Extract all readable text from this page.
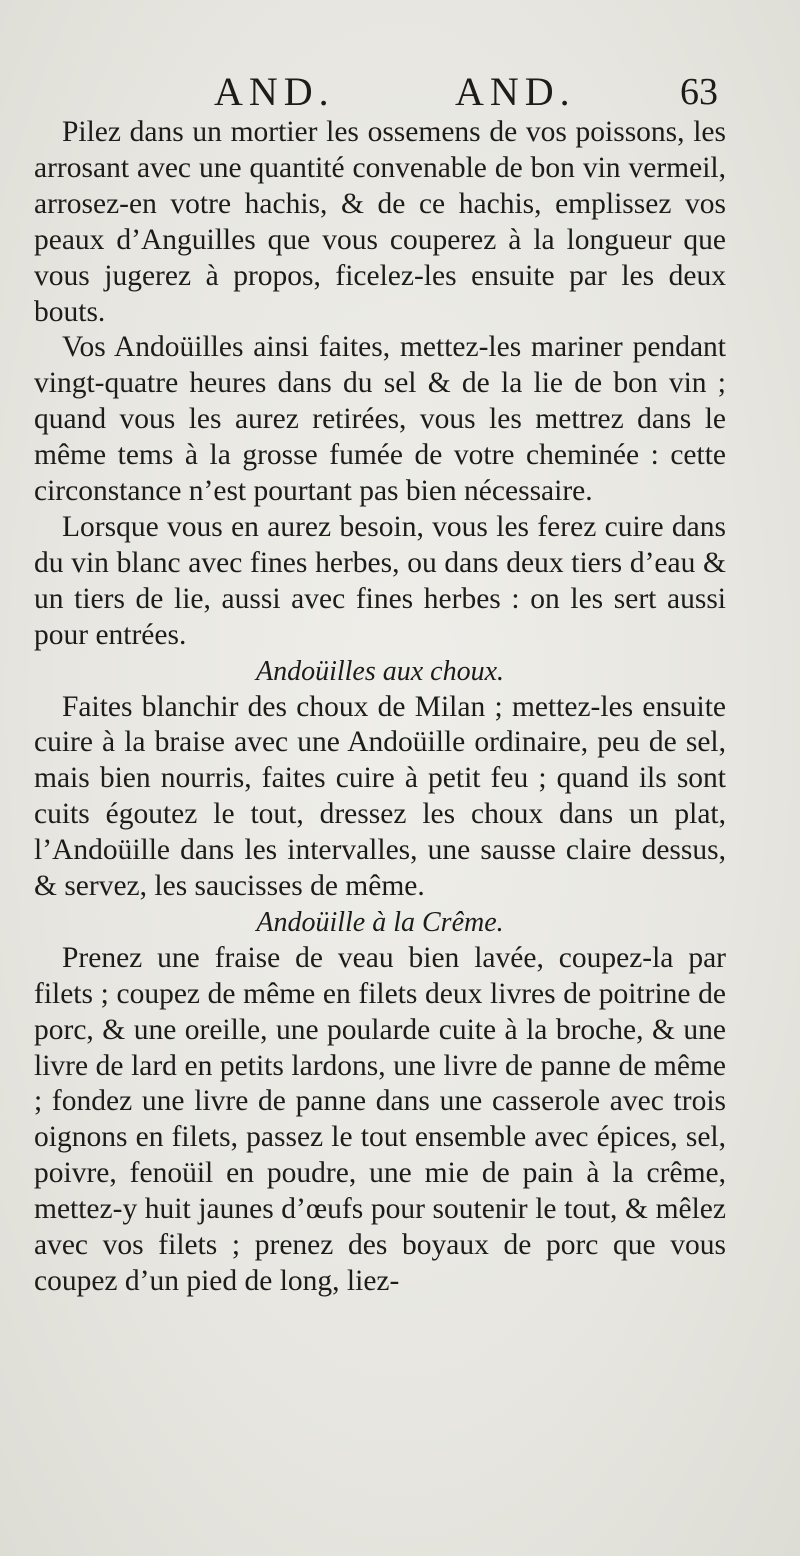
AND.	AND.	63

Pilez dans un mortier les ossemens de vos poissons, les arrosant avec une quantité convenable de bon vin vermeil, arrosez-en votre hachis, & de ce hachis, emplissez vos peaux d’Anguilles que vous couperez à la longueur que vous jugerez à propos, ficelez-les ensuite par les deux bouts.

Vos Andoüilles ainsi faites, mettez-les mariner pendant vingt-quatre heures dans du sel & de la lie de bon vin ; quand vous les aurez retirées, vous les mettrez dans le même tems à la grosse fumée de votre cheminée : cette circonstance n’est pourtant pas bien nécessaire.

Lorsque vous en aurez besoin, vous les ferez cuire dans du vin blanc avec fines herbes, ou dans deux tiers d’eau & un tiers de lie, aussi avec fines herbes : on les sert aussi pour entrées.

Andoüilles aux choux.

Faites blanchir des choux de Milan ; mettez-les ensuite cuire à la braise avec une Andoüille ordinaire, peu de sel, mais bien nourris, faites cuire à petit feu ; quand ils sont cuits égoutez le tout, dressez les choux dans un plat, l’Andoüille dans les intervalles, une sausse claire dessus, & servez, les saucisses de même.

Andoüille à la Crême.

Prenez une fraise de veau bien lavée, coupez-la par filets ; coupez de même en filets deux livres de poitrine de porc, & une oreille, une poularde cuite à la broche, & une livre de lard en petits lardons, une livre de panne de même ; fondez une livre de panne dans une casserole avec trois oignons en filets, passez le tout ensemble avec épices, sel, poivre, fenoüil en poudre, une mie de pain à la crême, mettez-y huit jaunes d’œufs pour soutenir le tout, & mêlez avec vos filets ; prenez des boyaux de porc que vous coupez d’un pied de long, liez-
